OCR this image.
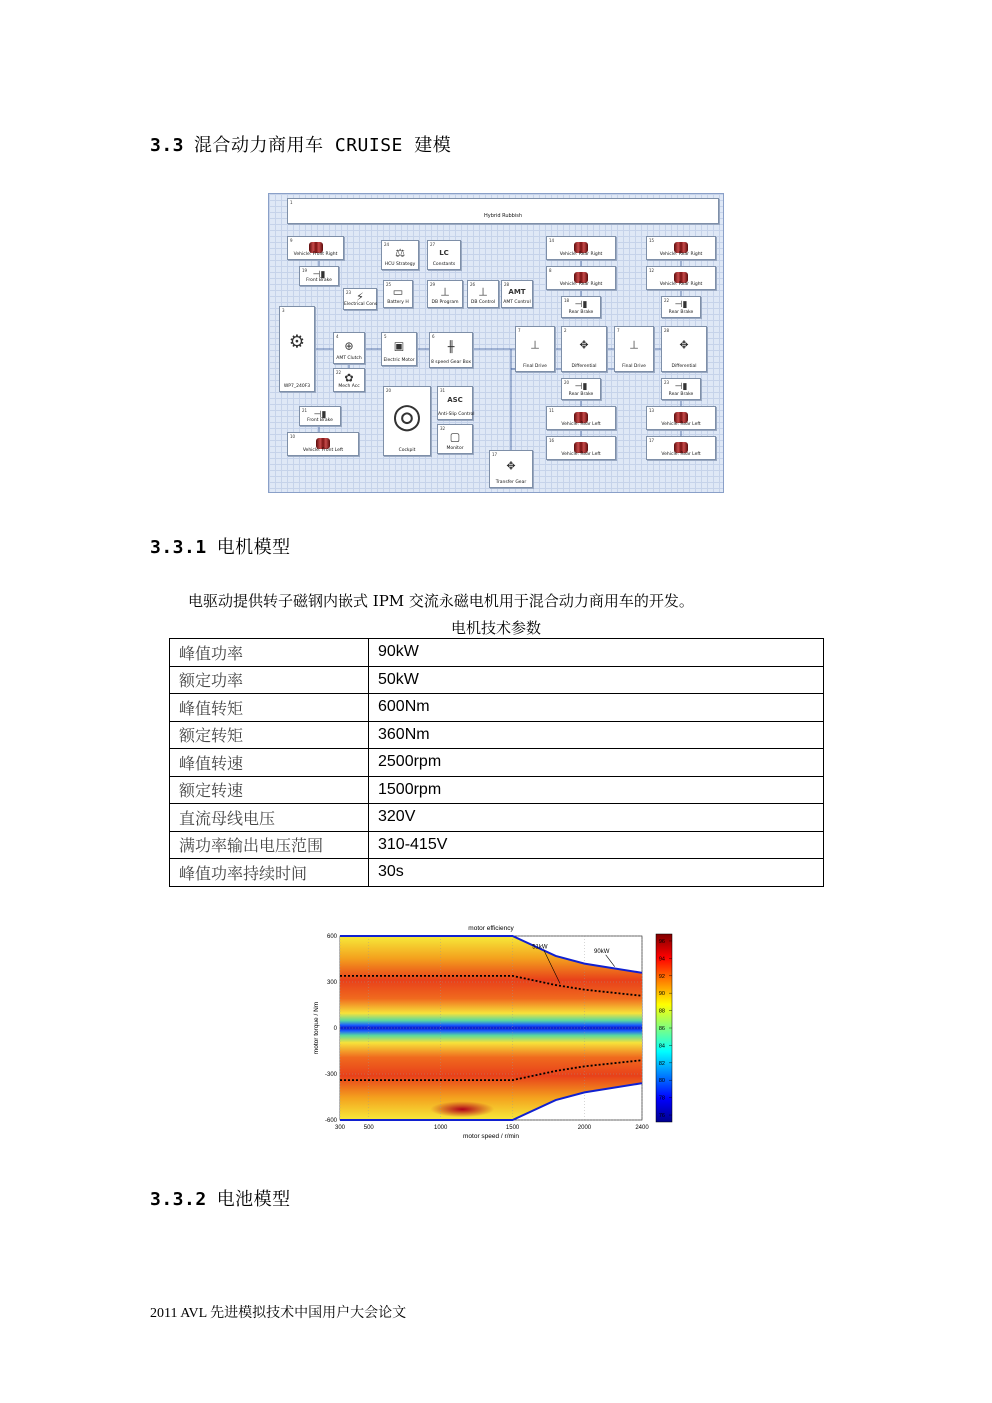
3.3 混合动力商用车 CRUISE 建模
1
Hybrid Rubbish
9
Vehicle: Front Right
19 ⊣▮
Front Brake
24
⚖
HCU Strategy
27
LC
Constants
23 ⚡
Electrical Cons
25
▭
Battery H
29
⊥
DB Program
26
⊥
DB Control
28
AMT
AMT Control
3
⚙
WP7_240F3
4
⊕
AMT Clutch
22 ✿
Mech Acc
5
▣
Electric Motor
6
╫
8 speed Gear Box
21 ⊣▮
Front Brake
10
Vehicle: Front Left
20
◎
Cockpit
31
ASC
Anti-Slip Control
32
▢
Monitor
17
✥
Transfer Gear
7
⊥
Final Drive
14
Vehicle: Rear Right
8
Vehicle: Rear Right
18 ⊣▮
Rear Brake
2
✥
Differential
20 ⊣▮
Rear Brake
11
Vehicle: Rear Left
16
Vehicle: Rear Left
15
Vehicle: Rear Right
12
Vehicle: Rear Right
22 ⊣▮
Rear Brake
7
⊥
Final Drive
28
✥
Differential
23 ⊣▮
Rear Brake
13
Vehicle: Rear Left
17
Vehicle: Rear Left
3.3.1 电机模型
电驱动提供转子磁钢内嵌式 IPM 交流永磁电机用于混合动力商用车的开发。
电机技术参数
峰值功率	90kW
额定功率	50kW
峰值转矩	600Nm
额定转矩	360Nm
峰值转速	2500rpm
额定转速	1500rpm
直流母线电压	320V
满功率输出电压范围	310-415V
峰值功率持续时间	30s
51kW
90kW
300	500	1000	1500	2000	2400
-600
-300
0
300
600
motor efficiency
motor speed / r/min
motor torque / Nm
76
78
80
82
84
86
88
90
92
94
96
3.3.2 电池模型
2011 AVL 先进模拟技术中国用户大会论文
